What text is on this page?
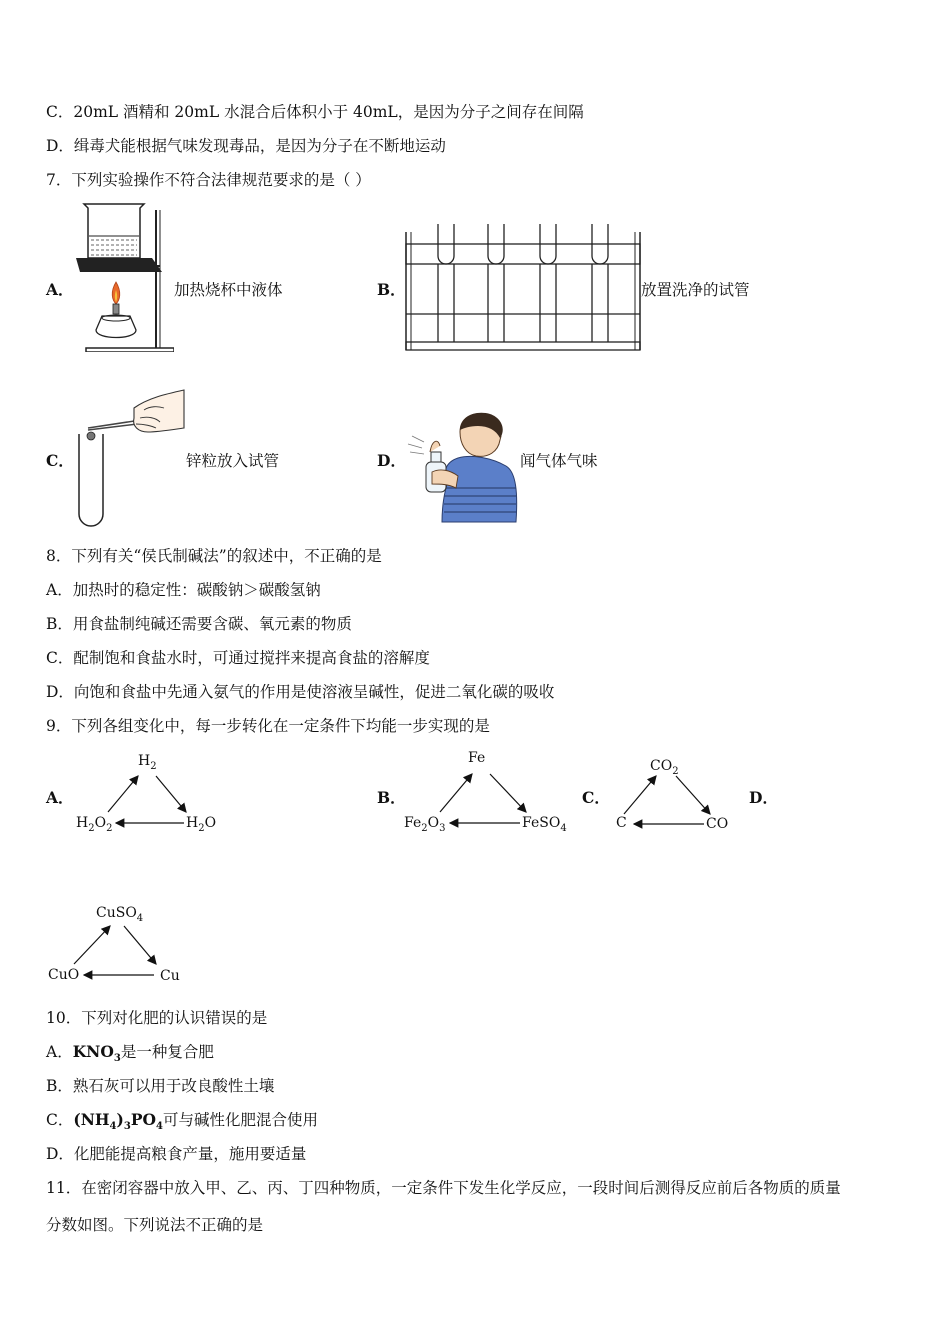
C．20mL 酒精和 20mL 水混合后体积小于 40mL，是因为分子之间存在间隔
D．缉毒犬能根据气味发现毒品，是因为分子在不断地运动
7．下列实验操作不符合法律规范要求的是（ ）
A．	加热烧杯中液体	B．	放置洗净的试管
C．	锌粒放入试管	D．	闻气体气味
8．下列有关“侯氏制碱法”的叙述中，不正确的是
A．加热时的稳定性：碳酸钠＞碳酸氢钠
B．用食盐制纯碱还需要含碳、氧元素的物质
C．配制饱和食盐水时，可通过搅拌来提高食盐的溶解度
D．向饱和食盐中先通入氨气的作用是使溶液呈碱性，促进二氧化碳的吸收
9．下列各组变化中，每一步转化在一定条件下均能一步实现的是
A．
$H_2$
$H_2O_2$	$H_2O$
B．
Fe
$Fe_2O_3$	FeSO$_4$
C．
$CO_2$
C	CO
D．
CuSO$_4$
CuO	Cu
10．下列对化肥的认识错误的是
A．$KNO_3$是一种复合肥
B．熟石灰可以用于改良酸性土壤
C．$(NH_4)_3PO_4$可与碱性化肥混合使用
D．化肥能提高粮食产量，施用要适量
11．在密闭容器中放入甲、乙、丙、丁四种物质，一定条件下发生化学反应，一段时间后测得反应前后各物质的质量
分数如图。下列说法不正确的是
